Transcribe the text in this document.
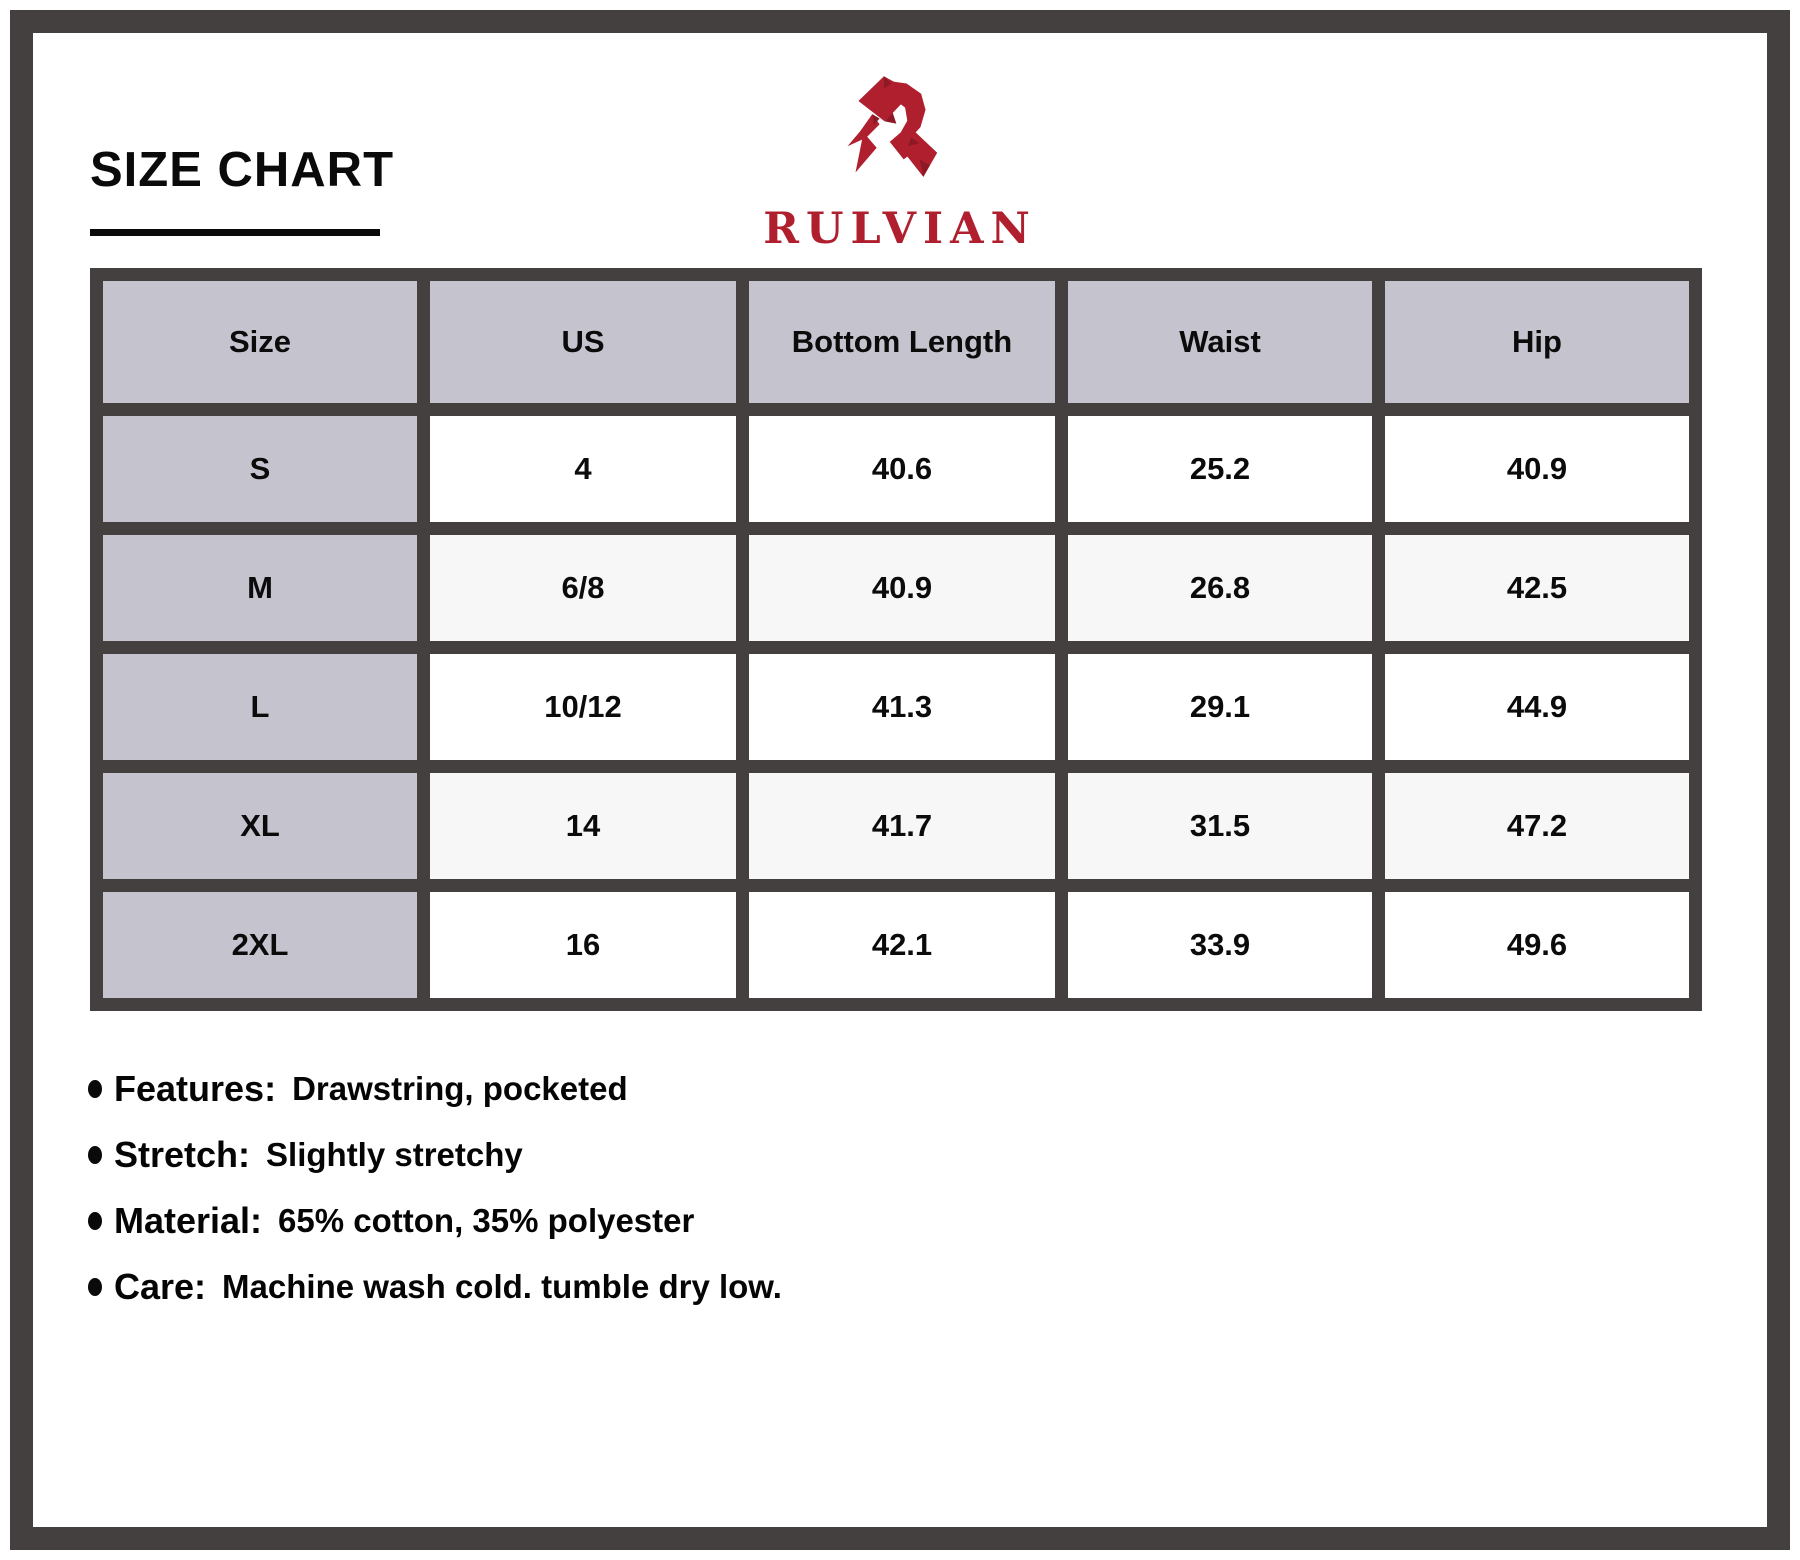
SIZE CHART
RULVIAN
Size	US	Bottom Length	Waist	Hip
S	4	40.6	25.2	40.9
M	6/8	40.9	26.8	42.5
L	10/12	41.3	29.1	44.9
XL	14	41.7	31.5	47.2
2XL	16	42.1	33.9	49.6
Features: Drawstring, pocketed
Stretch: Slightly stretchy
Material: 65% cotton, 35% polyester
Care: Machine wash cold. tumble dry low.
